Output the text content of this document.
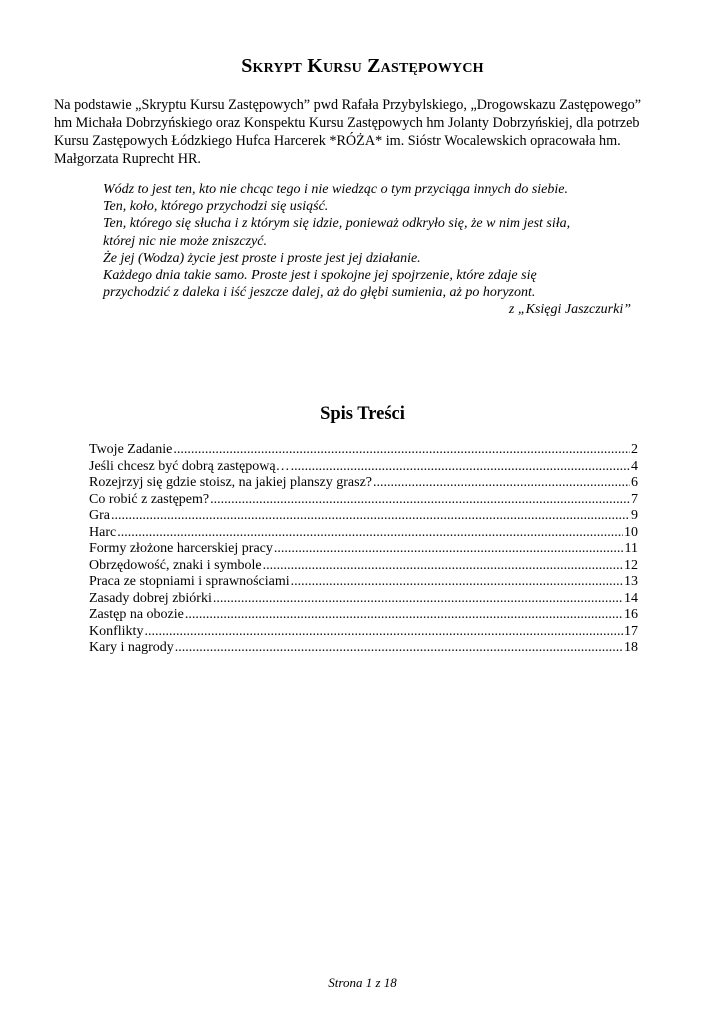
Skrypt Kursu Zastępowych
Na podstawie „Skryptu Kursu Zastępowych” pwd Rafała Przybylskiego, „Drogowskazu Zastępowego”
hm Michała Dobrzyńskiego oraz Konspektu Kursu Zastępowych hm Jolanty Dobrzyńskiej, dla potrzeb
Kursu Zastępowych Łódzkiego Hufca Harcerek *RÓŻA* im. Sióstr Wocalewskich opracowała hm.
Małgorzata Ruprecht HR.
Wódz to jest ten, kto nie chcąc tego i nie wiedząc o tym przyciąga innych do siebie.
Ten, koło, którego przychodzi się usiąść.
Ten, którego się słucha i z którym się idzie, ponieważ odkryło się, że w nim jest siła,
której nic nie może zniszczyć.
Że jej (Wodza) życie jest proste i proste jest jej działanie.
Każdego dnia takie samo. Proste jest i spokojne jej spojrzenie, które zdaje się
przychodzić z daleka i iść jeszcze dalej, aż do głębi sumienia, aż po horyzont.
z „Księgi Jaszczurki”
Spis Treści
Twoje Zadanie .....	2
Jeśli chcesz być dobrą zastępową… .....	4
Rozejrzyj się gdzie stoisz, na jakiej planszy grasz? .....	6
Co robić z zastępem? .....	7
Gra .....	9
Harc .....	10
Formy złożone harcerskiej pracy .....	11
Obrzędowość, znaki i symbole .....	12
Praca ze stopniami i sprawnościami .....	13
Zasady dobrej zbiórki .....	14
Zastęp na obozie .....	16
Konflikty .....	17
Kary i nagrody .....	18
Strona 1 z 18
